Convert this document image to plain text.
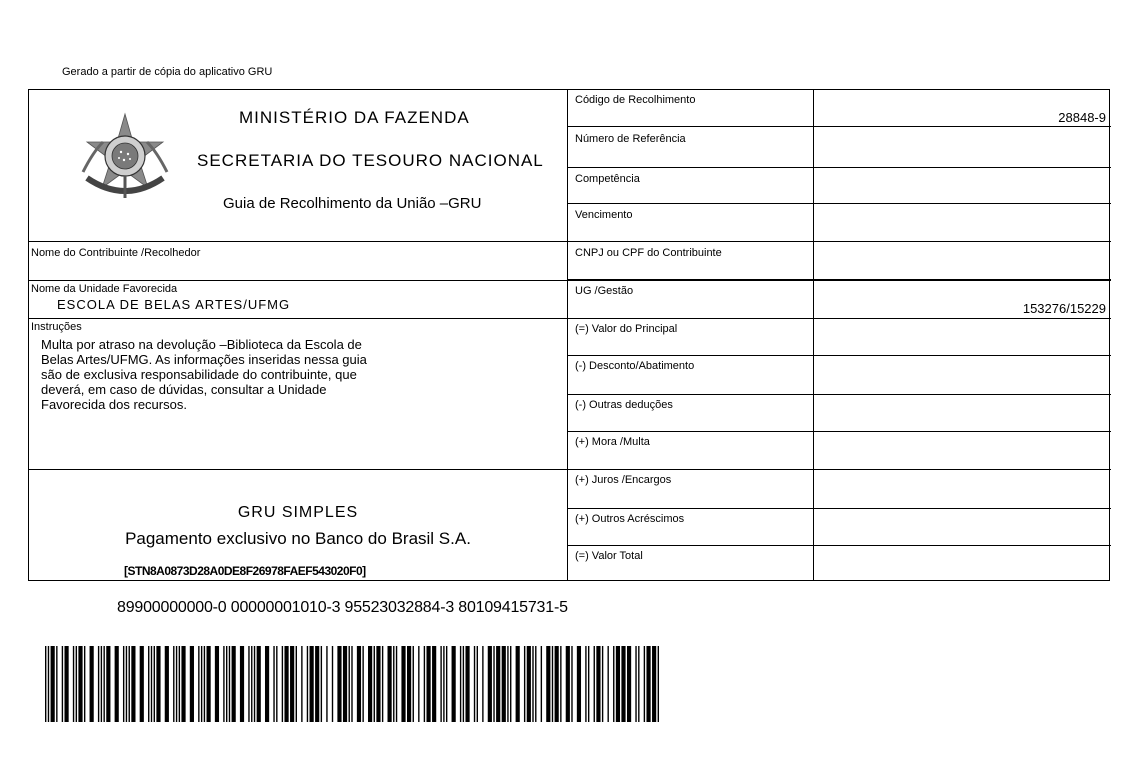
Gerado a partir de cópia do aplicativo GRU
MINISTÉRIO DA FAZENDA
SECRETARIA DO TESOURO NACIONAL
Guia de Recolhimento da União –GRU
Código de Recolhimento
28848-9
Número de Referência
Competência
Vencimento
CNPJ ou CPF do Contribuinte
UG /Gestão
153276/15229
(=) Valor do Principal
(-) Desconto/Abatimento
(-) Outras deduções
(+) Mora /Multa
(+) Juros /Encargos
(+) Outros Acréscimos
(=) Valor Total
Nome do Contribuinte /Recolhedor
Nome da Unidade Favorecida
ESCOLA DE BELAS ARTES/UFMG
Instruções
Multa por atraso na devolução –Biblioteca da Escola de
Belas Artes/UFMG. As informações inseridas nessa guia
são de exclusiva responsabilidade do contribuinte, que
deverá, em caso de dúvidas, consultar a Unidade
Favorecida dos recursos.
GRU SIMPLES
Pagamento exclusivo no Banco do Brasil S.A.
[STN8A0873D28A0DE8F26978FAEF543020F0]
89900000000-0 00000001010-3 95523032884-3 80109415731-5
